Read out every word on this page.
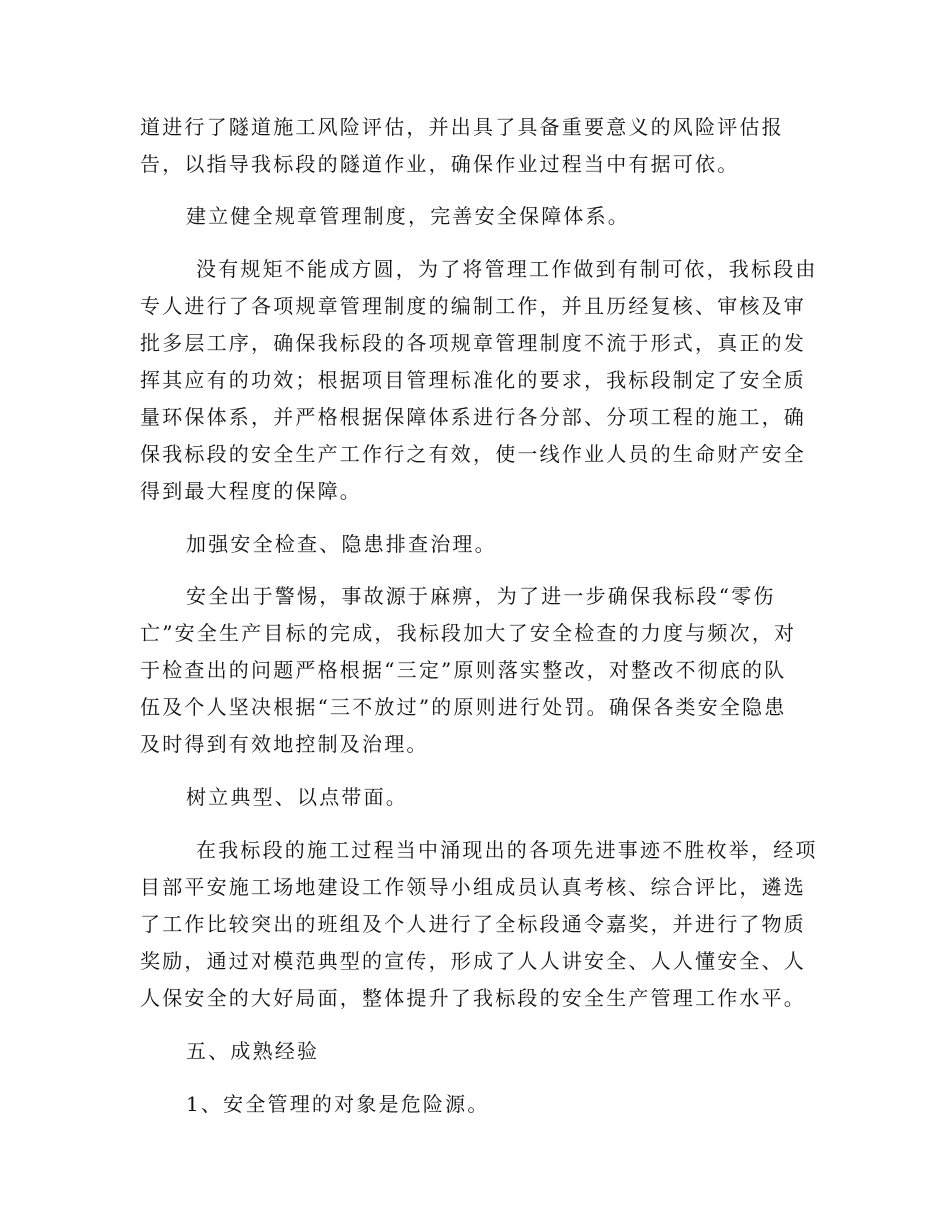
道进行了隧道施工风险评估，并出具了具备重要意义的风险评估报

告，以指导我标段的隧道作业，确保作业过程当中有据可依。

建立健全规章管理制度，完善安全保障体系。

没有规矩不能成方圆，为了将管理工作做到有制可依，我标段由

专人进行了各项规章管理制度的编制工作，并且历经复核、审核及审

批多层工序，确保我标段的各项规章管理制度不流于形式，真正的发

挥其应有的功效；根据项目管理标准化的要求，我标段制定了安全质

量环保体系，并严格根据保障体系进行各分部、分项工程的施工，确

保我标段的安全生产工作行之有效，使一线作业人员的生命财产安全

得到最大程度的保障。

加强安全检查、隐患排查治理。

安全出于警惕，事故源于麻痹，为了进一步确保我标段“零伤

亡”安全生产目标的完成，我标段加大了安全检查的力度与频次，对

于检查出的问题严格根据“三定”原则落实整改，对整改不彻底的队

伍及个人坚决根据“三不放过”的原则进行处罚。确保各类安全隐患

及时得到有效地控制及治理。

树立典型、以点带面。

在我标段的施工过程当中涌现出的各项先进事迹不胜枚举，经项

目部平安施工场地建设工作领导小组成员认真考核、综合评比，遴选

了工作比较突出的班组及个人进行了全标段通令嘉奖，并进行了物质

奖励，通过对模范典型的宣传，形成了人人讲安全、人人懂安全、人

人保安全的大好局面，整体提升了我标段的安全生产管理工作水平。

五、成熟经验

1、安全管理的对象是危险源。
